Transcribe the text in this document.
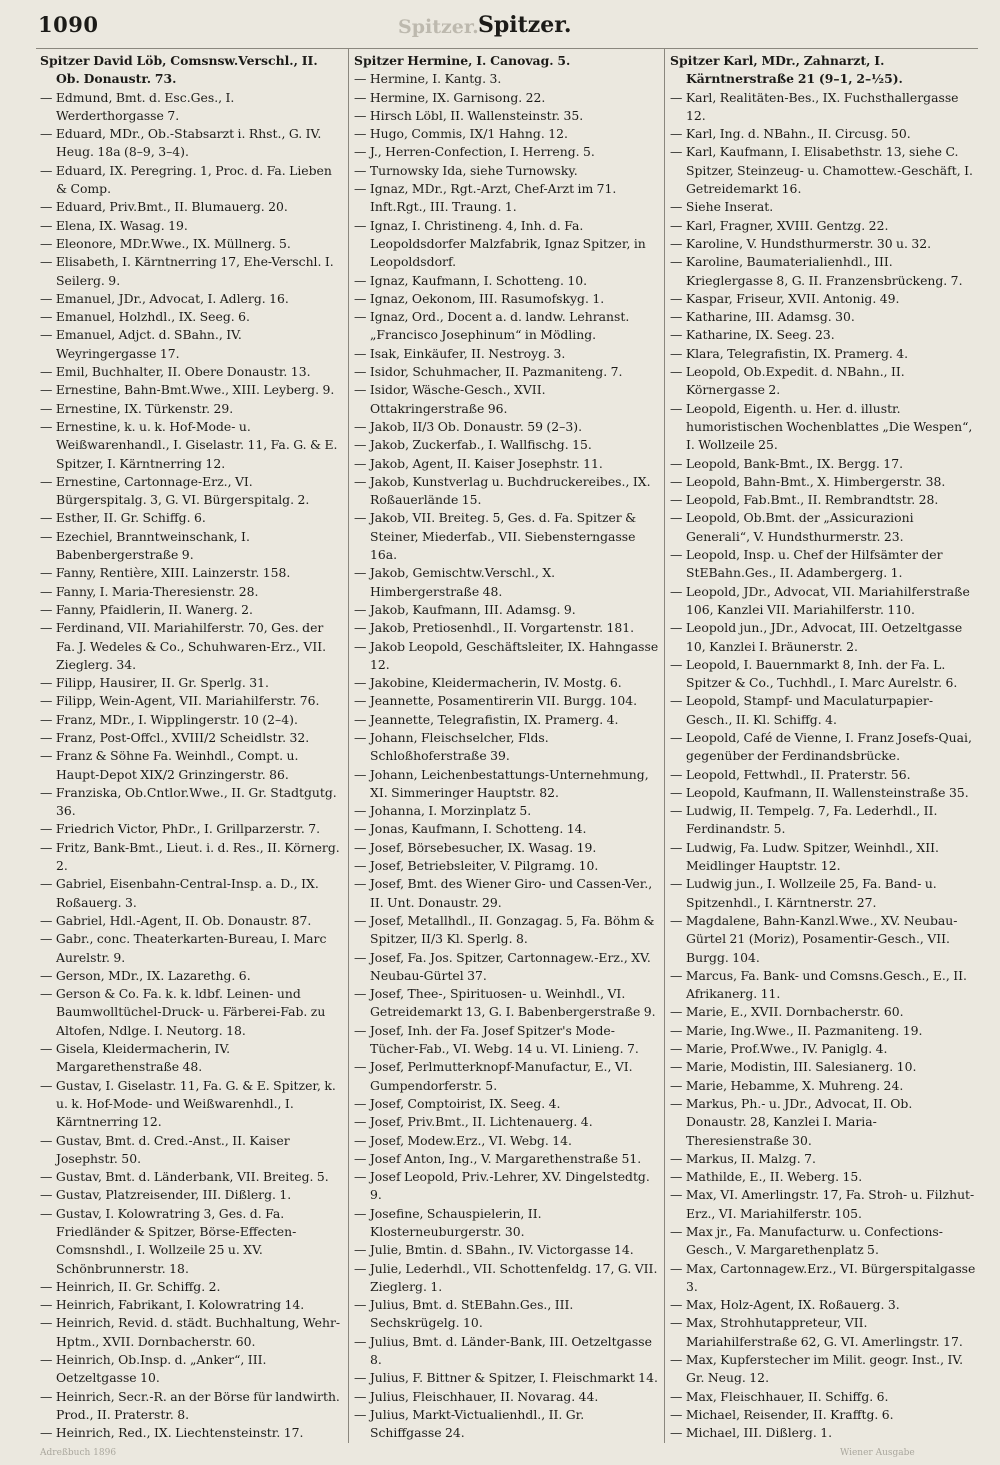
1090	Spitzer. Spitzer.

Spitzer David Löb, Comsnsw.Verschl., II. Ob. Donaustr. 73.

— Edmund, Bmt. d. Esc.Ges., I. Werderthorgasse 7.

— Eduard, MDr., Ob.-Stabsarzt i. Rhst., G. IV. Heug. 18a (8–9, 3–4).

— Eduard, IX. Peregring. 1, Proc. d. Fa. Lieben & Comp.

— Eduard, Priv.Bmt., II. Blumauerg. 20.

— Elena, IX. Wasag. 19.

— Eleonore, MDr.Wwe., IX. Müllnerg. 5.

— Elisabeth, I. Kärntnerring 17, Ehe-Verschl. I. Seilerg. 9.

— Emanuel, JDr., Advocat, I. Adlerg. 16.

— Emanuel, Holzhdl., IX. Seeg. 6.

— Emanuel, Adjct. d. SBahn., IV. Weyringergasse 17.

— Emil, Buchhalter, II. Obere Donaustr. 13.

— Ernestine, Bahn-Bmt.Wwe., XIII. Leyberg. 9.

— Ernestine, IX. Türkenstr. 29.

— Ernestine, k. u. k. Hof-Mode- u. Weißwarenhandl., I. Giselastr. 11, Fa. G. & E. Spitzer, I. Kärntnerring 12.

— Ernestine, Cartonnage-Erz., VI. Bürgerspitalg. 3, G. VI. Bürgerspitalg. 2.

— Esther, II. Gr. Schiffg. 6.

— Ezechiel, Branntweinschank, I. Babenbergerstraße 9.

— Fanny, Rentière, XIII. Lainzerstr. 158.

— Fanny, I. Maria-Theresienstr. 28.

— Fanny, Pfaidlerin, II. Wanerg. 2.

— Ferdinand, VII. Mariahilferstr. 70, Ges. der Fa. J. Wedeles & Co., Schuhwaren-Erz., VII. Zieglerg. 34.

— Filipp, Hausirer, II. Gr. Sperlg. 31.

— Filipp, Wein-Agent, VII. Mariahilferstr. 76.

— Franz, MDr., I. Wipplingerstr. 10 (2–4).

— Franz, Post-Offcl., XVIII/2 Scheidlstr. 32.

— Franz & Söhne Fa. Weinhdl., Compt. u. Haupt-Depot XIX/2 Grinzingerstr. 86.

— Franziska, Ob.Cntlor.Wwe., II. Gr. Stadtgutg. 36.

— Friedrich Victor, PhDr., I. Grillparzerstr. 7.

— Fritz, Bank-Bmt., Lieut. i. d. Res., II. Körnerg. 2.

— Gabriel, Eisenbahn-Central-Insp. a. D., IX. Roßauerg. 3.

— Gabriel, Hdl.-Agent, II. Ob. Donaustr. 87.

— Gabr., conc. Theaterkarten-Bureau, I. Marc Aurelstr. 9.

— Gerson, MDr., IX. Lazarethg. 6.

— Gerson & Co. Fa. k. k. ldbf. Leinen- und Baumwolltüchel-Druck- u. Färberei-Fab. zu Altofen, Ndlge. I. Neutorg. 18.

— Gisela, Kleidermacherin, IV. Margarethenstraße 48.

— Gustav, I. Giselastr. 11, Fa. G. & E. Spitzer, k. u. k. Hof-Mode- und Weißwarenhdl., I. Kärntnerring 12.

— Gustav, Bmt. d. Cred.-Anst., II. Kaiser Josephstr. 50.

— Gustav, Bmt. d. Länderbank, VII. Breiteg. 5.

— Gustav, Platzreisender, III. Dißlerg. 1.

— Gustav, I. Kolowratring 3, Ges. d. Fa. Friedländer & Spitzer, Börse-Effecten-Comsnshdl., I. Wollzeile 25 u. XV. Schönbrunnerstr. 18.

— Heinrich, II. Gr. Schiffg. 2.

— Heinrich, Fabrikant, I. Kolowratring 14.

— Heinrich, Revid. d. städt. Buchhaltung, Wehr-Hptm., XVII. Dornbacherstr. 60.

— Heinrich, Ob.Insp. d. „Anker“, III. Oetzeltgasse 10.

— Heinrich, Secr.-R. an der Börse für landwirth. Prod., II. Praterstr. 8.

— Heinrich, Red., IX. Liechtensteinstr. 17.

Spitzer Hermine, I. Canovag. 5.

— Hermine, I. Kantg. 3.

— Hermine, IX. Garnisong. 22.

— Hirsch Löbl, II. Wallensteinstr. 35.

— Hugo, Commis, IX/1 Hahng. 12.

— J., Herren-Confection, I. Herreng. 5.

— Turnowsky Ida, siehe Turnowsky.

— Ignaz, MDr., Rgt.-Arzt, Chef-Arzt im 71. Inft.Rgt., III. Traung. 1.

— Ignaz, I. Christineng. 4, Inh. d. Fa. Leopoldsdorfer Malzfabrik, Ignaz Spitzer, in Leopoldsdorf.

— Ignaz, Kaufmann, I. Schotteng. 10.

— Ignaz, Oekonom, III. Rasumofskyg. 1.

— Ignaz, Ord., Docent a. d. landw. Lehranst. „Francisco Josephinum“ in Mödling.

— Isak, Einkäufer, II. Nestroyg. 3.

— Isidor, Schuhmacher, II. Pazmaniteng. 7.

— Isidor, Wäsche-Gesch., XVII. Ottakringerstraße 96.

— Jakob, II/3 Ob. Donaustr. 59 (2–3).

— Jakob, Zuckerfab., I. Wallfischg. 15.

— Jakob, Agent, II. Kaiser Josephstr. 11.

— Jakob, Kunstverlag u. Buchdruckereibes., IX. Roßauerlände 15.

— Jakob, VII. Breiteg. 5, Ges. d. Fa. Spitzer & Steiner, Miederfab., VII. Siebensterngasse 16a.

— Jakob, Gemischtw.Verschl., X. Himbergerstraße 48.

— Jakob, Kaufmann, III. Adamsg. 9.

— Jakob, Pretiosenhdl., II. Vorgartenstr. 181.

— Jakob Leopold, Geschäftsleiter, IX. Hahngasse 12.

— Jakobine, Kleidermacherin, IV. Mostg. 6.

— Jeannette, Posamentirerin VII. Burgg. 104.

— Jeannette, Telegrafistin, IX. Pramerg. 4.

— Johann, Fleischselcher, Flds. Schloßhoferstraße 39.

— Johann, Leichenbestattungs-Unternehmung, XI. Simmeringer Hauptstr. 82.

— Johanna, I. Morzinplatz 5.

— Jonas, Kaufmann, I. Schotteng. 14.

— Josef, Börsebesucher, IX. Wasag. 19.

— Josef, Betriebsleiter, V. Pilgramg. 10.

— Josef, Bmt. des Wiener Giro- und Cassen-Ver., II. Unt. Donaustr. 29.

— Josef, Metallhdl., II. Gonzagag. 5, Fa. Böhm & Spitzer, II/3 Kl. Sperlg. 8.

— Josef, Fa. Jos. Spitzer, Cartonnagew.-Erz., XV. Neubau-Gürtel 37.

— Josef, Thee-, Spirituosen- u. Weinhdl., VI. Getreidemarkt 13, G. I. Babenbergerstraße 9.

— Josef, Inh. der Fa. Josef Spitzer's Mode-Tücher-Fab., VI. Webg. 14 u. VI. Linieng. 7.

— Josef, Perlmutterknopf-Manufactur, E., VI. Gumpendorferstr. 5.

— Josef, Comptoirist, IX. Seeg. 4.

— Josef, Priv.Bmt., II. Lichtenauerg. 4.

— Josef, Modew.Erz., VI. Webg. 14.

— Josef Anton, Ing., V. Margarethenstraße 51.

— Josef Leopold, Priv.-Lehrer, XV. Dingelstedtg. 9.

— Josefine, Schauspielerin, II. Klosterneuburgerstr. 30.

— Julie, Bmtin. d. SBahn., IV. Victorgasse 14.

— Julie, Lederhdl., VII. Schottenfeldg. 17, G. VII. Zieglerg. 1.

— Julius, Bmt. d. StEBahn.Ges., III. Sechskrügelg. 10.

— Julius, Bmt. d. Länder-Bank, III. Oetzeltgasse 8.

— Julius, F. Bittner & Spitzer, I. Fleischmarkt 14.

— Julius, Fleischhauer, II. Novarag. 44.

— Julius, Markt-Victualienhdl., II. Gr. Schiffgasse 24.

Spitzer Karl, MDr., Zahnarzt, I. Kärntnerstraße 21 (9–1, 2–½5).

— Karl, Realitäten-Bes., IX. Fuchsthallergasse 12.

— Karl, Ing. d. NBahn., II. Circusg. 50.

— Karl, Kaufmann, I. Elisabethstr. 13, siehe C. Spitzer, Steinzeug- u. Chamottew.-Geschäft, I. Getreidemarkt 16.

— Siehe Inserat.

— Karl, Fragner, XVIII. Gentzg. 22.

— Karoline, V. Hundsthurmerstr. 30 u. 32.

— Karoline, Baumaterialienhdl., III. Krieglergasse 8, G. II. Franzensbrückeng. 7.

— Kaspar, Friseur, XVII. Antonig. 49.

— Katharine, III. Adamsg. 30.

— Katharine, IX. Seeg. 23.

— Klara, Telegrafistin, IX. Pramerg. 4.

— Leopold, Ob.Expedit. d. NBahn., II. Körnergasse 2.

— Leopold, Eigenth. u. Her. d. illustr. humoristischen Wochenblattes „Die Wespen“, I. Wollzeile 25.

— Leopold, Bank-Bmt., IX. Bergg. 17.

— Leopold, Bahn-Bmt., X. Himbergerstr. 38.

— Leopold, Fab.Bmt., II. Rembrandtstr. 28.

— Leopold, Ob.Bmt. der „Assicurazioni Generali“, V. Hundsthurmerstr. 23.

— Leopold, Insp. u. Chef der Hilfsämter der StEBahn.Ges., II. Adambergerg. 1.

— Leopold, JDr., Advocat, VII. Mariahilferstraße 106, Kanzlei VII. Mariahilferstr. 110.

— Leopold jun., JDr., Advocat, III. Oetzeltgasse 10, Kanzlei I. Bräunerstr. 2.

— Leopold, I. Bauernmarkt 8, Inh. der Fa. L. Spitzer & Co., Tuchhdl., I. Marc Aurelstr. 6.

— Leopold, Stampf- und Maculaturpapier-Gesch., II. Kl. Schiffg. 4.

— Leopold, Café de Vienne, I. Franz Josefs-Quai, gegenüber der Ferdinandsbrücke.

— Leopold, Fettwhdl., II. Praterstr. 56.

— Leopold, Kaufmann, II. Wallensteinstraße 35.

— Ludwig, II. Tempelg. 7, Fa. Lederhdl., II. Ferdinandstr. 5.

— Ludwig, Fa. Ludw. Spitzer, Weinhdl., XII. Meidlinger Hauptstr. 12.

— Ludwig jun., I. Wollzeile 25, Fa. Band- u. Spitzenhdl., I. Kärntnerstr. 27.

— Magdalene, Bahn-Kanzl.Wwe., XV. Neubau-Gürtel 21 (Moriz), Posamentir-Gesch., VII. Burgg. 104.

— Marcus, Fa. Bank- und Comsns.Gesch., E., II. Afrikanerg. 11.

— Marie, E., XVII. Dornbacherstr. 60.

— Marie, Ing.Wwe., II. Pazmaniteng. 19.

— Marie, Prof.Wwe., IV. Paniglg. 4.

— Marie, Modistin, III. Salesianerg. 10.

— Marie, Hebamme, X. Muhreng. 24.

— Markus, Ph.- u. JDr., Advocat, II. Ob. Donaustr. 28, Kanzlei I. Maria-Theresienstraße 30.

— Markus, II. Malzg. 7.

— Mathilde, E., II. Weberg. 15.

— Max, VI. Amerlingstr. 17, Fa. Stroh- u. Filzhut-Erz., VI. Mariahilferstr. 105.

— Max jr., Fa. Manufacturw. u. Confections-Gesch., V. Margarethenplatz 5.

— Max, Cartonnagew.Erz., VI. Bürgerspitalgasse 3.

— Max, Holz-Agent, IX. Roßauerg. 3.

— Max, Strohhutappreteur, VII. Mariahilferstraße 62, G. VI. Amerlingstr. 17.

— Max, Kupferstecher im Milit. geogr. Inst., IV. Gr. Neug. 12.

— Max, Fleischhauer, II. Schiffg. 6.

— Michael, Reisender, II. Krafftg. 6.

— Michael, III. Dißlerg. 1.

Adreßbuch 1896	Wiener Ausgabe
